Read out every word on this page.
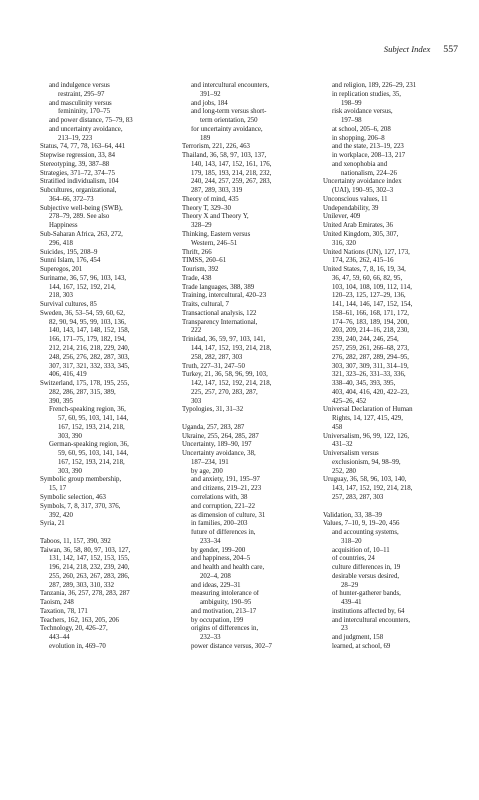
Subject Index 557
and indulgence versus
restraint, 295–97
and masculinity versus
femininity, 170–75
and power distance, 75–79, 83
and uncertainty avoidance,
213–19, 223
Status, 74, 77, 78, 163–64, 441
Stepwise regression, 33, 84
Stereotyping, 39, 387–88
Strategies, 371–72, 374–75
Stratified individualism, 104
Subcultures, organizational,
364–66, 372–73
Subjective well-being (SWB),
278–79, 289. See also
Happiness
Sub-Saharan Africa, 263, 272,
296, 418
Suicides, 195, 208–9
Sunni Islam, 176, 454
Superegos, 201
Suriname, 36, 57, 96, 103, 143,
144, 167, 152, 192, 214,
218, 303
Survival cultures, 85
Sweden, 36, 53–54, 59, 60, 62,
82, 90, 94, 95, 99, 103, 136,
140, 143, 147, 148, 152, 158,
166, 171–75, 179, 182, 194,
212, 214, 216, 218, 229, 240,
248, 256, 276, 282, 287, 303,
307, 317, 321, 332, 333, 345,
406, 416, 419
Switzerland, 175, 178, 195, 255,
282, 286, 287, 315, 389,
390, 395
French-speaking region, 36,
57, 60, 95, 103, 141, 144,
167, 152, 193, 214, 218,
303, 390
German-speaking region, 36,
59, 60, 95, 103, 141, 144,
167, 152, 193, 214, 218,
303, 390
Symbolic group membership,
15, 17
Symbolic selection, 463
Symbols, 7, 8, 317, 370, 376,
392, 420
Syria, 21
Taboos, 11, 157, 390, 392
Taiwan, 36, 58, 80, 97, 103, 127,
131, 142, 147, 152, 153, 155,
196, 214, 218, 232, 239, 240,
255, 260, 263, 267, 283, 286,
287, 289, 303, 310, 332
Tanzania, 36, 257, 278, 283, 287
Taoism, 248
Taxation, 78, 171
Teachers, 162, 163, 205, 206
Technology, 20, 426–27,
443–44
evolution in, 469–70
and intercultural encounters,
391–92
and jobs, 184
and long-term versus short-
term orientation, 250
for uncertainty avoidance,
189
Terrorism, 221, 226, 463
Thailand, 36, 58, 97, 103, 137,
140, 143, 147, 152, 161, 176,
179, 185, 193, 214, 218, 232,
240, 244, 257, 259, 267, 283,
287, 289, 303, 319
Theory of mind, 435
Theory T, 329–30
Theory X and Theory Y,
328–29
Thinking, Eastern versus
Western, 246–51
Thrift, 266
TIMSS, 260–61
Tourism, 392
Trade, 438
Trade languages, 388, 389
Training, intercultural, 420–23
Traits, cultural, 7
Transactional analysis, 122
Transparency International,
222
Trinidad, 36, 59, 97, 103, 141,
144, 147, 152, 193, 214, 218,
258, 282, 287, 303
Truth, 227–31, 247–50
Turkey, 21, 36, 58, 96, 99, 103,
142, 147, 152, 192, 214, 218,
225, 257, 270, 283, 287,
303
Typologies, 31, 31–32
Uganda, 257, 283, 287
Ukraine, 255, 264, 285, 287
Uncertainty, 189–90, 197
Uncertainty avoidance, 38,
187–234, 191
by age, 200
and anxiety, 191, 195–97
and citizens, 219–21, 223
correlations with, 38
and corruption, 221–22
as dimension of culture, 31
in families, 200–203
future of differences in,
233–34
by gender, 199–200
and happiness, 204–5
and health and health care,
202–4, 208
and ideas, 229–31
measuring intolerance of
ambiguity, 190–95
and motivation, 213–17
by occupation, 199
origins of differences in,
232–33
power distance versus, 302–7
and religion, 189, 226–29, 231
in replication studies, 35,
198–99
risk avoidance versus,
197–98
at school, 205–6, 208
in shopping, 206–8
and the state, 213–19, 223
in workplace, 208–13, 217
and xenophobia and
nationalism, 224–26
Uncertainty avoidance index
(UAI), 190–95, 302–3
Unconscious values, 11
Undependability, 39
Unilever, 409
United Arab Emirates, 36
United Kingdom, 305, 307,
316, 320
United Nations (UN), 127, 173,
174, 236, 262, 415–16
United States, 7, 8, 16, 19, 34,
36, 47, 59, 60, 66, 82, 95,
103, 104, 108, 109, 112, 114,
120–23, 125, 127–29, 136,
141, 144, 146, 147, 152, 154,
158–61, 166, 168, 171, 172,
174–76, 183, 189, 194, 200,
203, 209, 214–16, 218, 230,
239, 240, 244, 246, 254,
257, 259, 261, 266–68, 273,
276, 282, 287, 289, 294–95,
303, 307, 309, 311, 314–19,
321, 323–26, 331–33, 336,
338–40, 345, 393, 395,
403, 404, 416, 420, 422–23,
425–26, 452
Universal Declaration of Human
Rights, 14, 127, 415, 429,
458
Universalism, 96, 99, 122, 126,
431–32
Universalism versus
exclusionism, 94, 98–99,
252, 280
Uruguay, 36, 58, 96, 103, 140,
143, 147, 152, 192, 214, 218,
257, 283, 287, 303
Validation, 33, 38–39
Values, 7–10, 9, 19–20, 456
and accounting systems,
318–20
acquisition of, 10–11
of countries, 24
culture differences in, 19
desirable versus desired,
28–29
of hunter-gatherer bands,
439–41
institutions affected by, 64
and intercultural encounters,
23
and judgment, 158
learned, at school, 69
